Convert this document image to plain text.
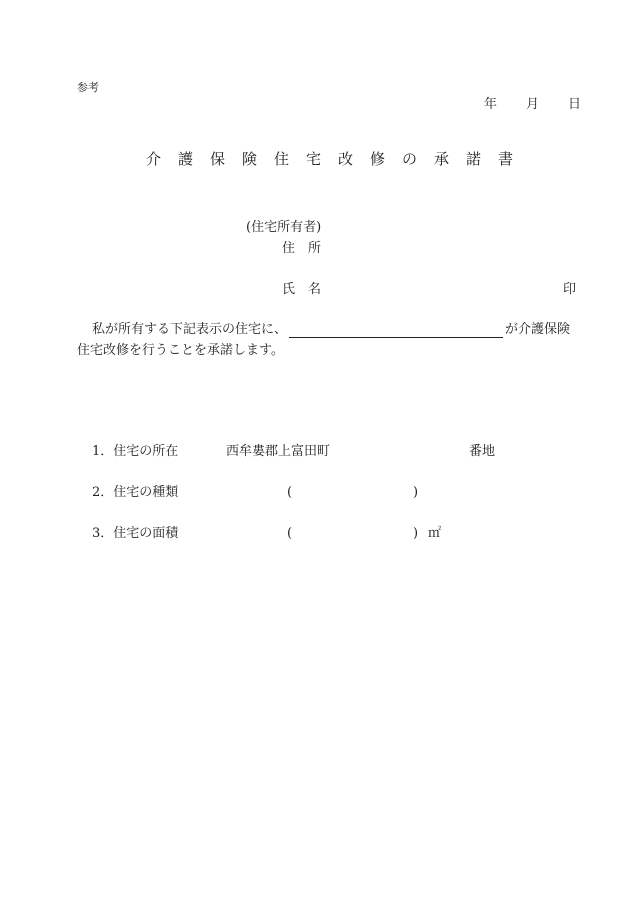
参考
年 月 日
介護保険住宅改修の承諾書
(住宅所有者)
住　所
氏　名	印
私が所有する下記表示の住宅に、	が介護保険
住宅改修を行うことを承諾します。
1．住宅の所在	西牟婁郡上富田町	番地
2．住宅の種類	(	)
3．住宅の面積	(	) ㎡
